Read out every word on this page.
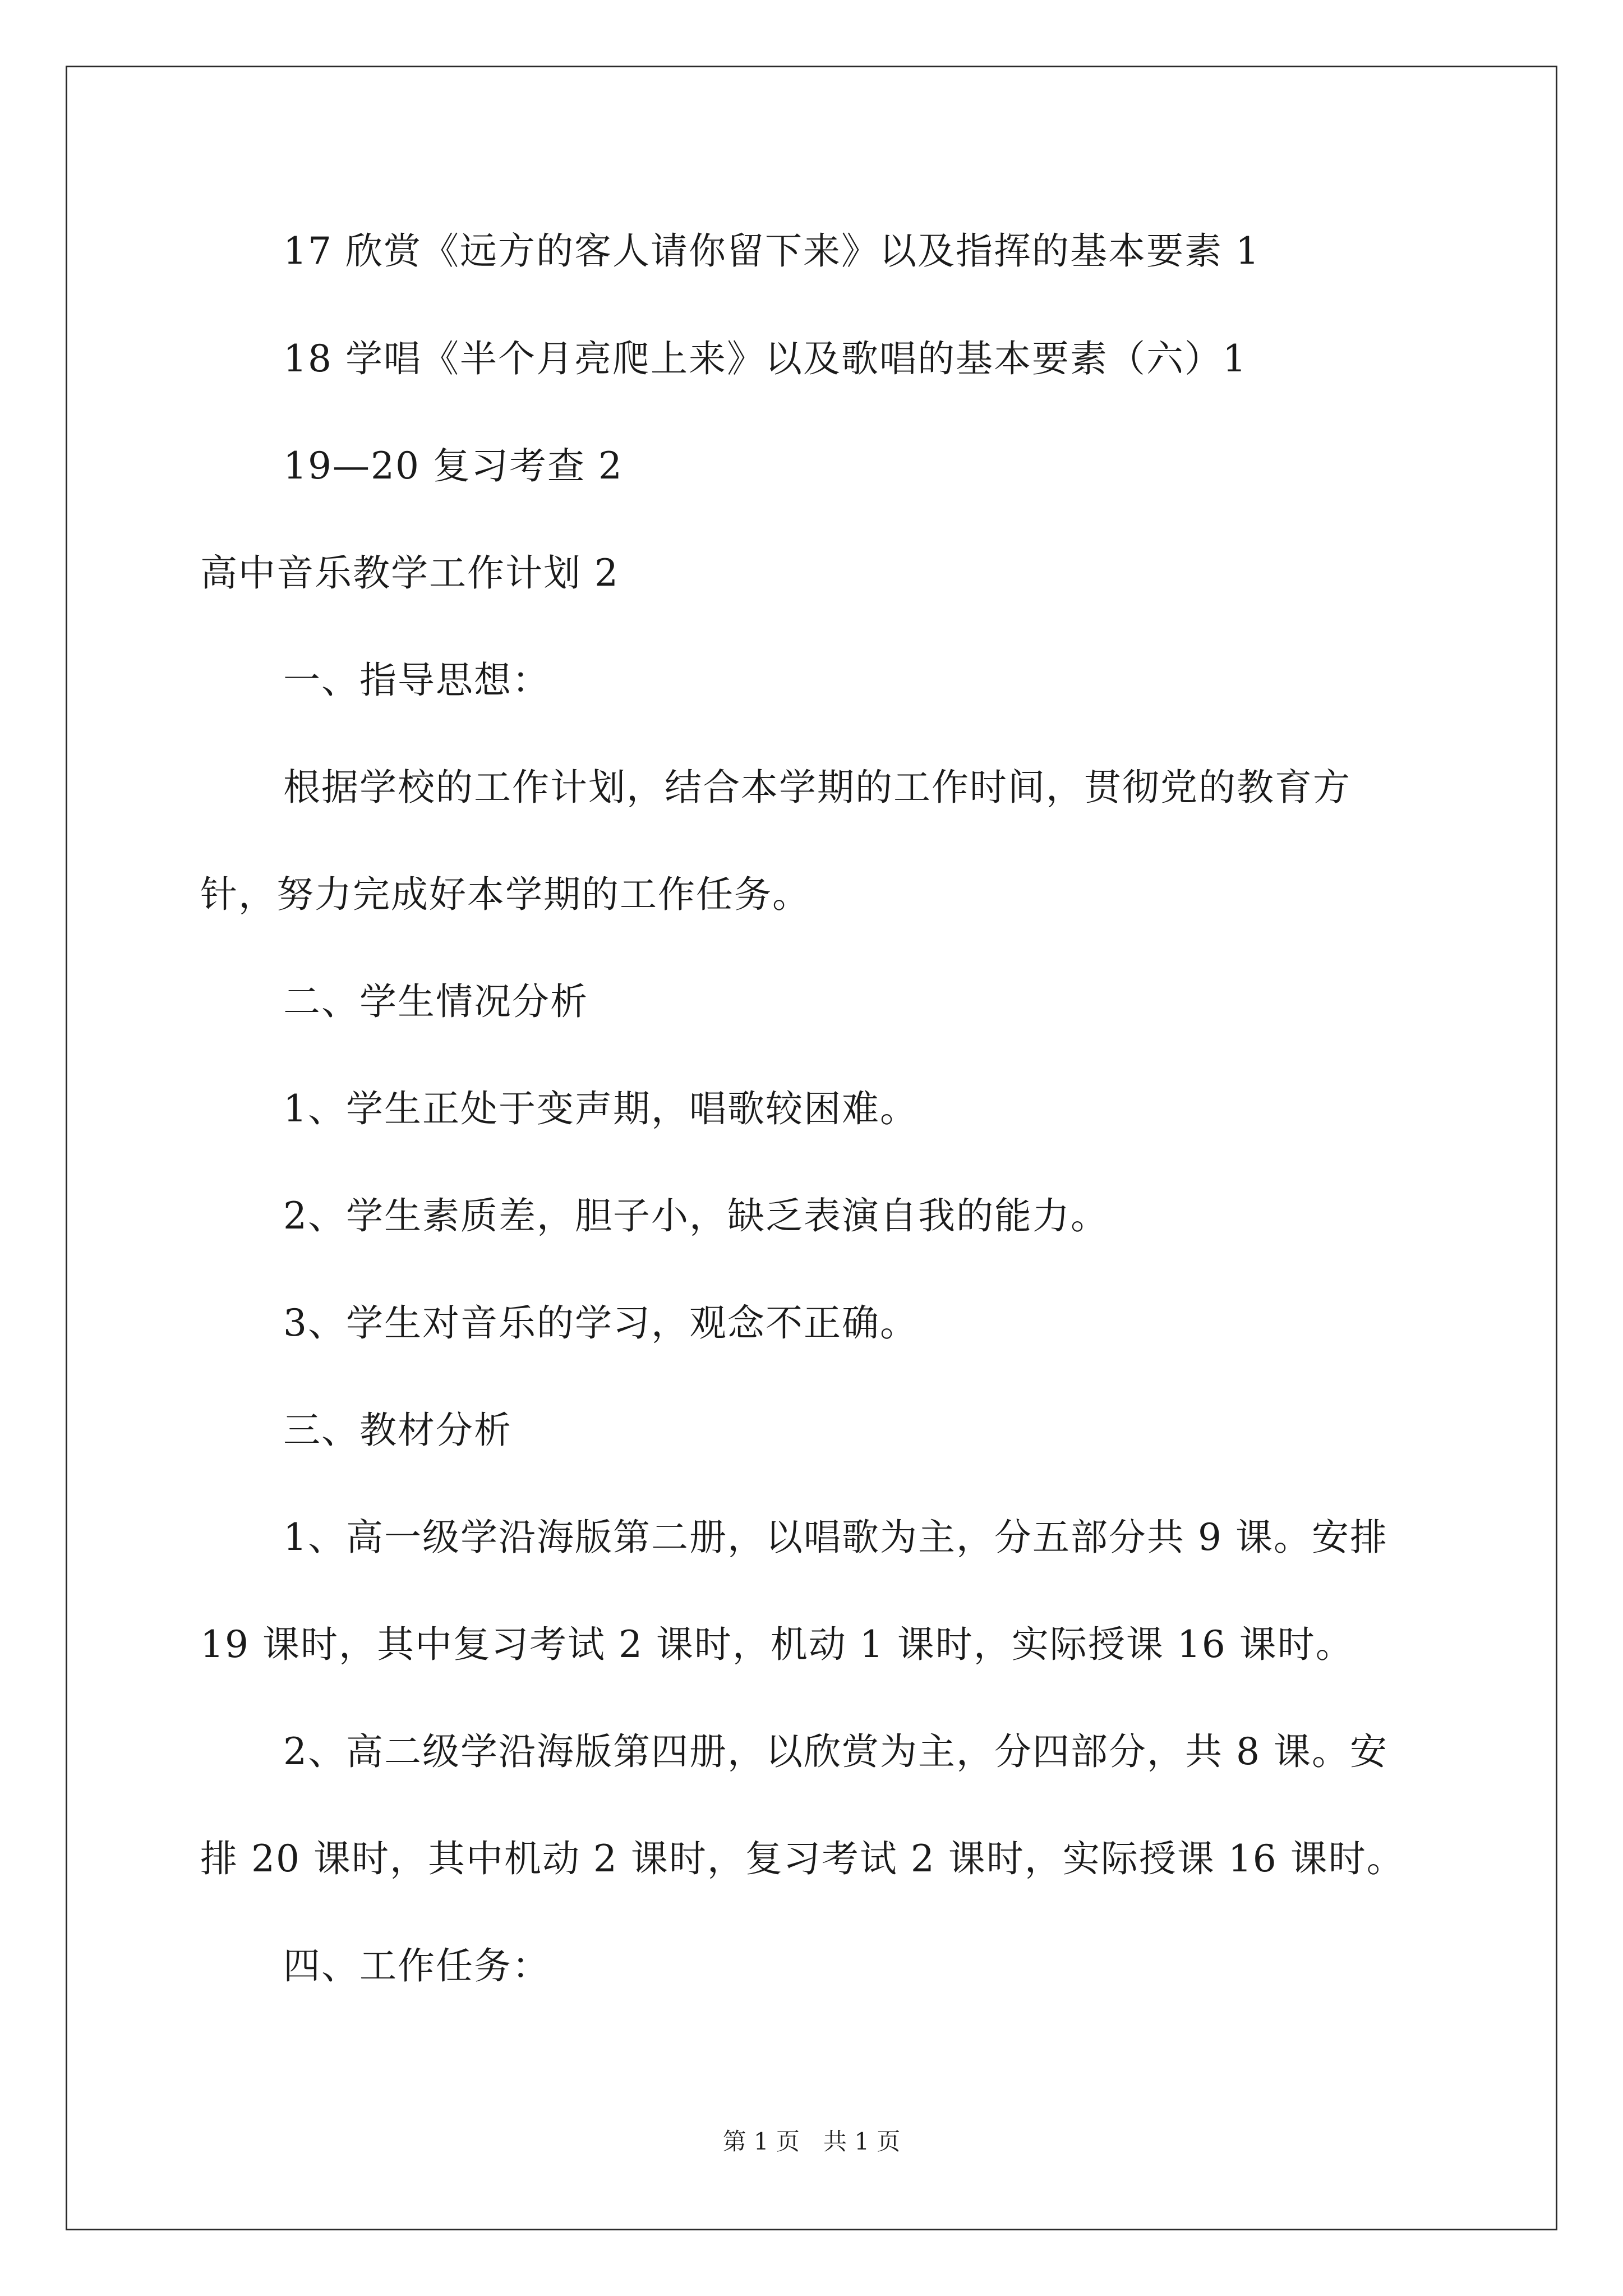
17 欣赏《远方的客人请你留下来》以及指挥的基本要素 1
18 学唱《半个月亮爬上来》以及歌唱的基本要素（六）1
19—20 复习考查 2
高中音乐教学工作计划 2
一、指导思想：
根据学校的工作计划，结合本学期的工作时间，贯彻党的教育方
针，努力完成好本学期的工作任务。
二、学生情况分析
1、学生正处于变声期，唱歌较困难。
2、学生素质差，胆子小，缺乏表演自我的能力。
3、学生对音乐的学习，观念不正确。
三、教材分析
1、高一级学沿海版第二册，以唱歌为主，分五部分共 9 课。安排
19 课时，其中复习考试 2 课时，机动 1 课时，实际授课 16 课时。
2、高二级学沿海版第四册，以欣赏为主，分四部分，共 8 课。安
排 20 课时，其中机动 2 课时，复习考试 2 课时，实际授课 16 课时。
四、工作任务：
第 1 页　共 1 页
